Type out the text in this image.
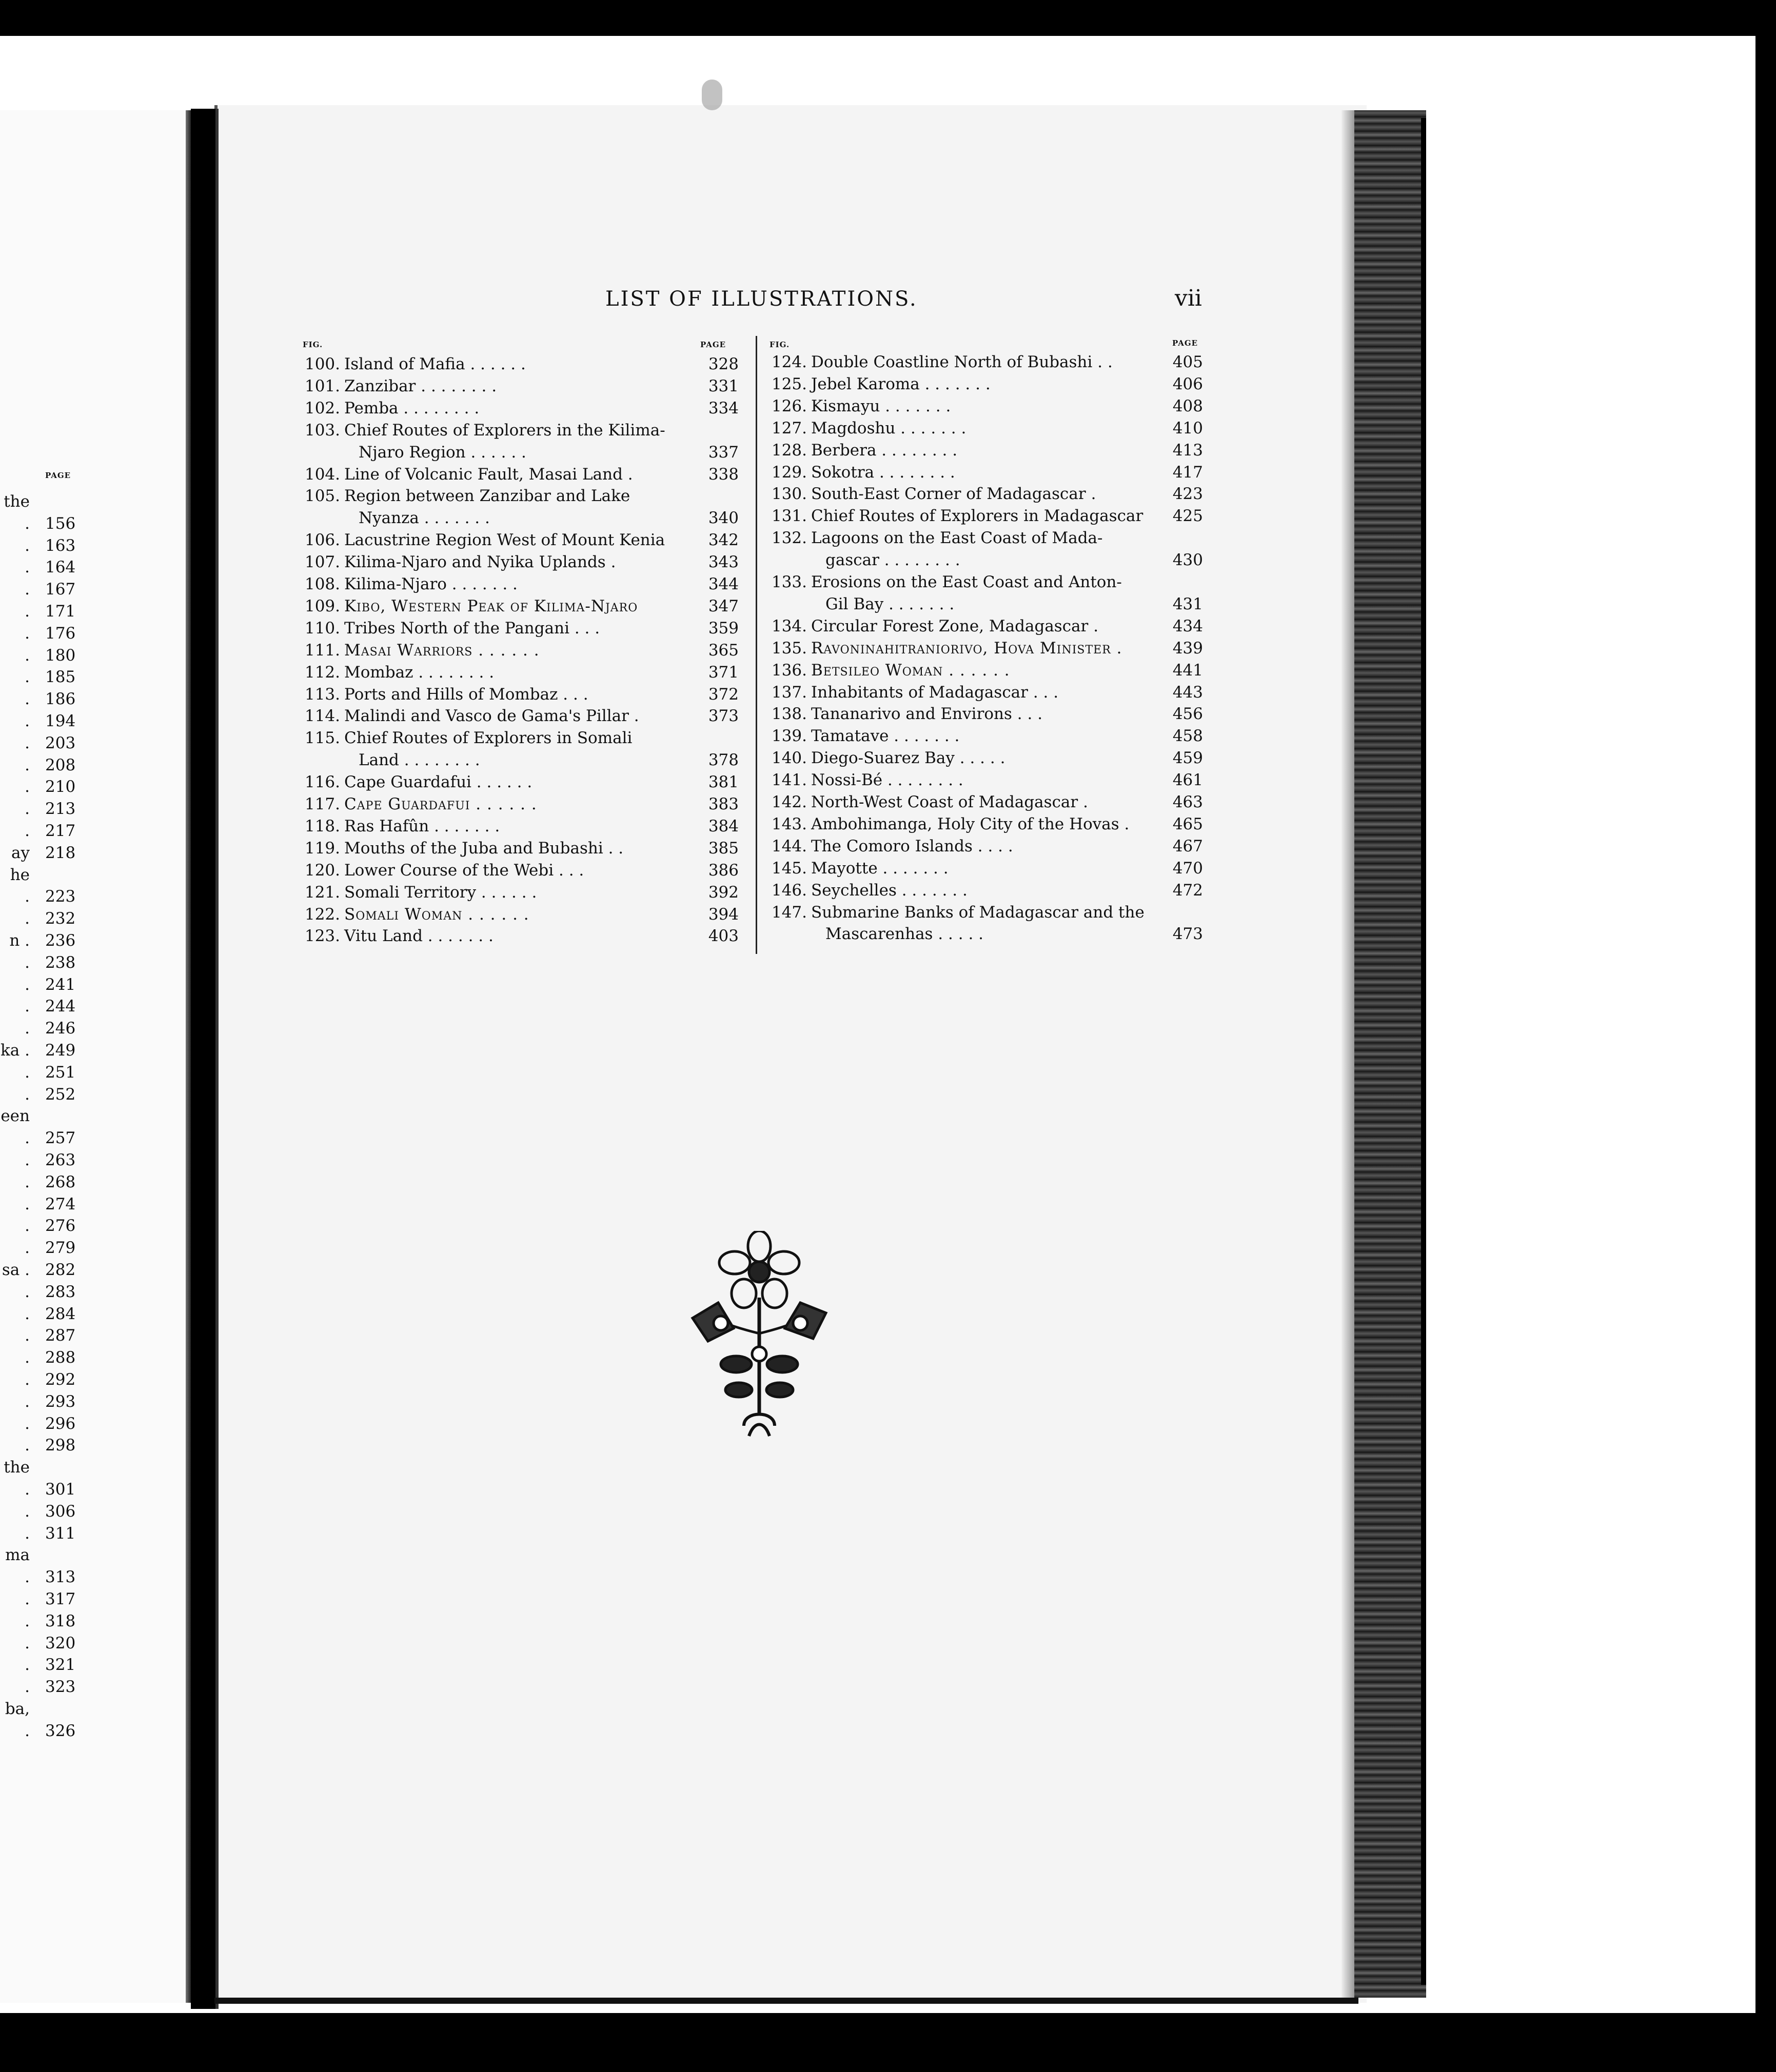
PAGE
the
. 156
. 163
. 164
. 167
. 171
. 176
. 180
. 185
. 186
. 194
. 203
. 208
. 210
. 213
. 217
ay 218
he
. 223
. 232
n . 236
. 238
. 241
. 244
. 246
ka . 249
. 251
. 252
een
. 257
. 263
. 268
. 274
. 276
. 279
sa . 282
. 283
. 284
. 287
. 288
. 292
. 293
. 296
. 298
the
. 301
. 306
. 311
ma
. 313
. 317
. 318
. 320
. 321
. 323
ba,
. 326
LIST OF ILLUSTRATIONS.	vii
FIG.	PAGE	FIG.	PAGE
100. Island of Mafia . . . . . .	328
101. Zanzibar . . . . . . . .	331
102. Pemba . . . . . . . .	334
103. Chief Routes of Explorers in the Kilima-
Njaro Region . . . . . .	337
104. Line of Volcanic Fault, Masai Land .	338
105. Region between Zanzibar and Lake
Nyanza . . . . . . .	340
106. Lacustrine Region West of Mount Kenia	342
107. Kilima-Njaro and Nyika Uplands .	343
108. Kilima-Njaro . . . . . . .	344
109. Kibo, Western Peak of Kilima-Njaro	347
110. Tribes North of the Pangani . . .	359
111. Masai Warriors . . . . . .	365
112. Mombaz . . . . . . . .	371
113. Ports and Hills of Mombaz . . .	372
114. Malindi and Vasco de Gama's Pillar .	373
115. Chief Routes of Explorers in Somali
Land . . . . . . . .	378
116. Cape Guardafui . . . . . .	381
117. Cape Guardafui . . . . . .	383
118. Ras Hafûn . . . . . . .	384
119. Mouths of the Juba and Bubashi . .	385
120. Lower Course of the Webi . . .	386
121. Somali Territory . . . . . .	392
122. Somali Woman . . . . . .	394
123. Vitu Land . . . . . . .	403
124. Double Coastline North of Bubashi . .	405
125. Jebel Karoma . . . . . . .	406
126. Kismayu . . . . . . .	408
127. Magdoshu . . . . . . .	410
128. Berbera . . . . . . . .	413
129. Sokotra . . . . . . . .	417
130. South-East Corner of Madagascar .	423
131. Chief Routes of Explorers in Madagascar	425
132. Lagoons on the East Coast of Mada-
gascar . . . . . . . .	430
133. Erosions on the East Coast and Anton-
Gil Bay . . . . . . .	431
134. Circular Forest Zone, Madagascar .	434
135. Ravoninahitraniorivo, Hova Minister .	439
136. Betsileo Woman . . . . . .	441
137. Inhabitants of Madagascar . . .	443
138. Tananarivo and Environs . . .	456
139. Tamatave . . . . . . .	458
140. Diego-Suarez Bay . . . . .	459
141. Nossi-Bé . . . . . . . .	461
142. North-West Coast of Madagascar .	463
143. Ambohimanga, Holy City of the Hovas .	465
144. The Comoro Islands . . . .	467
145. Mayotte . . . . . . .	470
146. Seychelles . . . . . . .	472
147. Submarine Banks of Madagascar and the
Mascarenhas . . . . .	473
